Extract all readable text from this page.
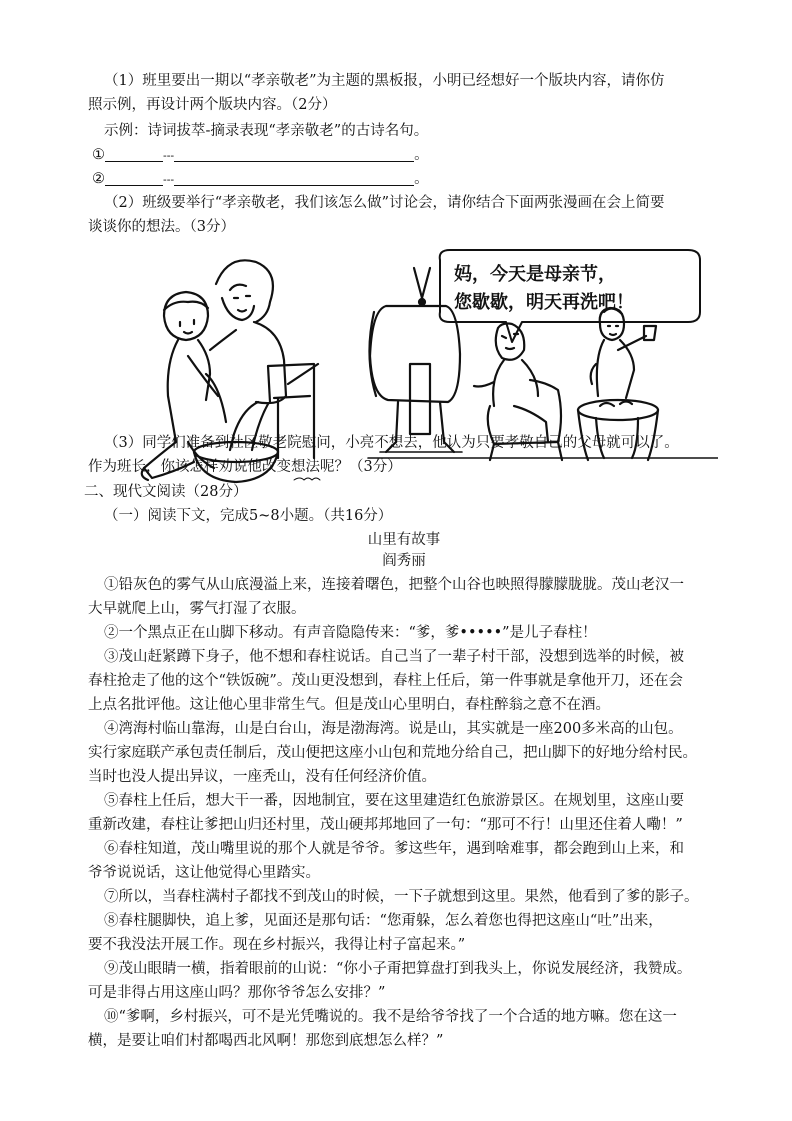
（1）班里要出一期以“孝亲敬老”为主题的黑板报，小明已经想好一个版块内容，请你仿
照示例，再设计两个版块内容。（2分）
示例：诗词拔萃-摘录表现“孝亲敬老”的古诗名句。
①	---	。
②	---	。
（2）班级要举行“孝亲敬老，我们该怎么做”讨论会，请你结合下面两张漫画在会上简要
谈谈你的想法。（3分）
妈，今天是母亲节，
您歇歇，明天再洗吧！
（3）同学们准备到社区敬老院慰问，小亮不想去，他认为只要孝敬自己的父母就可以了。
作为班长，你该怎样劝说他改变想法呢？（3分）
二、现代文阅读（28分）
（一）阅读下文，完成5~8小题。（共16分）
山里有故事
阎秀丽
①铅灰色的雾气从山底漫溢上来，连接着曙色，把整个山谷也映照得朦朦胧胧。茂山老汉一
大早就爬上山，雾气打湿了衣服。
②一个黑点正在山脚下移动。有声音隐隐传来：“爹，爹•••••”是儿子春柱！
③茂山赶紧蹲下身子，他不想和春柱说话。自己当了一辈子村干部，没想到选举的时候，被
春柱抢走了他的这个“铁饭碗”。茂山更没想到，春柱上任后，第一件事就是拿他开刀，还在会
上点名批评他。这让他心里非常生气。但是茂山心里明白，春柱醉翁之意不在酒。
④湾海村临山靠海，山是白台山，海是渤海湾。说是山，其实就是一座200多米高的山包。
实行家庭联产承包责任制后，茂山便把这座小山包和荒地分给自己，把山脚下的好地分给村民。
当时也没人提出异议，一座秃山，没有任何经济价值。
⑤春柱上任后，想大干一番，因地制宜，要在这里建造红色旅游景区。在规划里，这座山要
重新改建，春柱让爹把山归还村里，茂山硬邦邦地回了一句：“那可不行！山里还住着人嘞！”
⑥春柱知道，茂山嘴里说的那个人就是爷爷。爹这些年，遇到啥难事，都会跑到山上来，和
爷爷说说话，这让他觉得心里踏实。
⑦所以，当春柱满村子都找不到茂山的时候，一下子就想到这里。果然，他看到了爹的影子。
⑧春柱腿脚快，追上爹，见面还是那句话：“您甭躲，怎么着您也得把这座山“吐”出来，
要不我没法开展工作。现在乡村振兴，我得让村子富起来。”
⑨茂山眼睛一横，指着眼前的山说：“你小子甭把算盘打到我头上，你说发展经济，我赞成。
可是非得占用这座山吗？那你爷爷怎么安排？”
⑩“爹啊，乡村振兴，可不是光凭嘴说的。我不是给爷爷找了一个合适的地方嘛。您在这一
横，是要让咱们村都喝西北风啊！那您到底想怎么样？”
